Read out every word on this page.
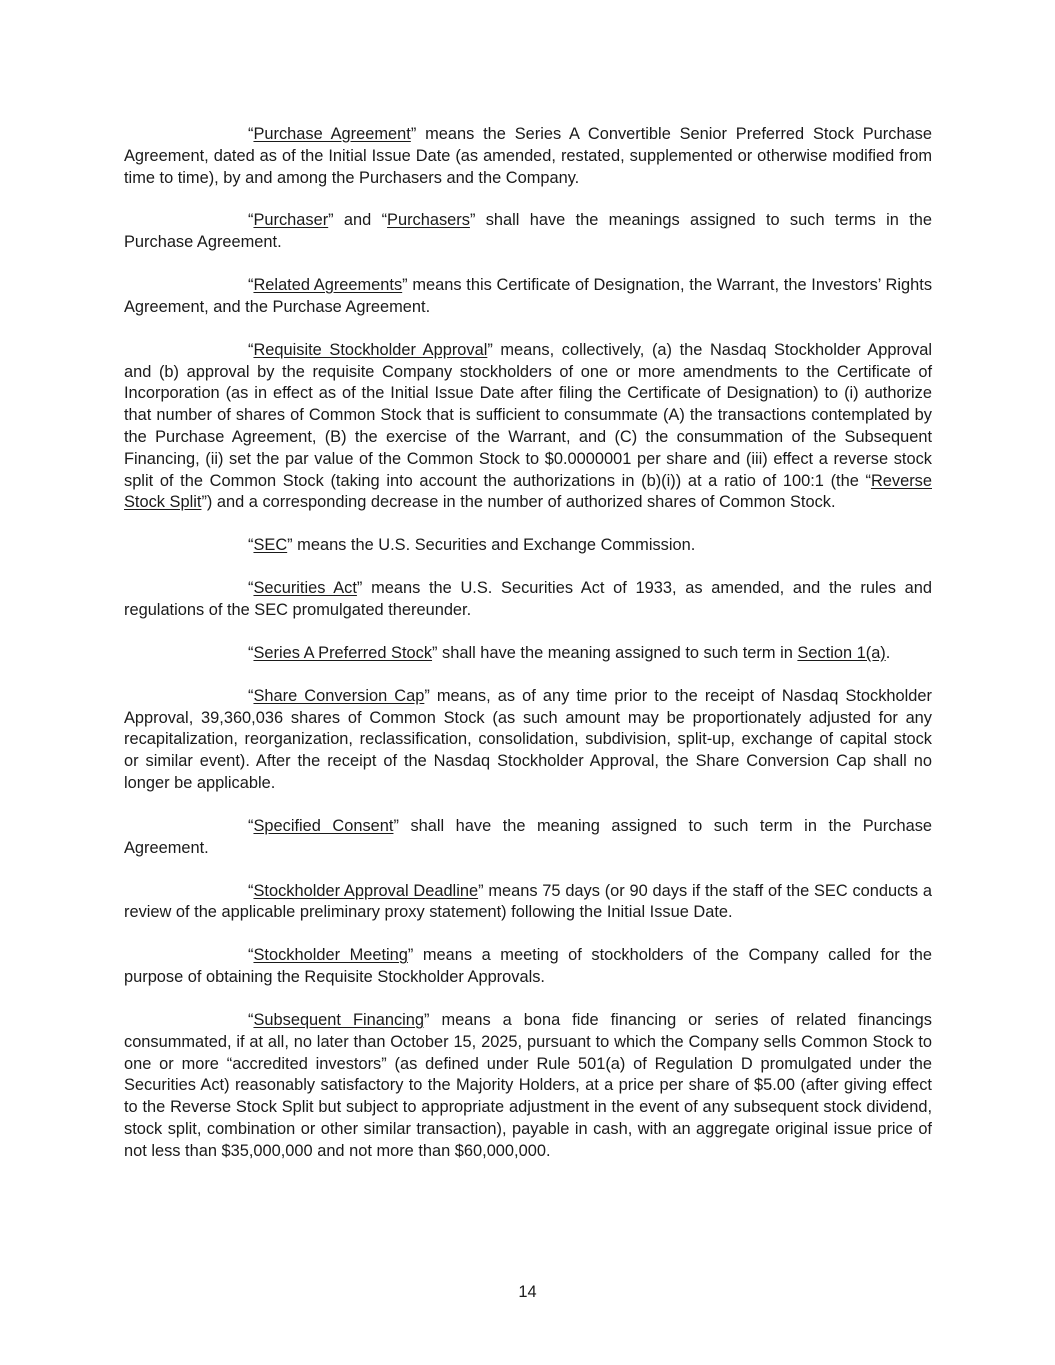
“Purchase Agreement” means the Series A Convertible Senior Preferred Stock Purchase Agreement, dated as of the Initial Issue Date (as amended, restated, supplemented or otherwise modified from time to time), by and among the Purchasers and the Company.

“Purchaser” and “Purchasers” shall have the meanings assigned to such terms in the Purchase Agreement.

“Related Agreements” means this Certificate of Designation, the Warrant, the Investors’ Rights Agreement, and the Purchase Agreement.

“Requisite Stockholder Approval” means, collectively, (a) the Nasdaq Stockholder Approval and (b) approval by the requisite Company stockholders of one or more amendments to the Certificate of Incorporation (as in effect as of the Initial Issue Date after filing the Certificate of Designation) to (i) authorize that number of shares of Common Stock that is sufficient to consummate (A) the transactions contemplated by the Purchase Agreement, (B) the exercise of the Warrant, and (C) the consummation of the Subsequent Financing, (ii) set the par value of the Common Stock to $0.0000001 per share and (iii) effect a reverse stock split of the Common Stock (taking into account the authorizations in (b)(i)) at a ratio of 100:1 (the “Reverse Stock Split”) and a corresponding decrease in the number of authorized shares of Common Stock.

“SEC” means the U.S. Securities and Exchange Commission.

“Securities Act” means the U.S. Securities Act of 1933, as amended, and the rules and regulations of the SEC promulgated thereunder.

“Series A Preferred Stock” shall have the meaning assigned to such term in Section 1(a).

“Share Conversion Cap” means, as of any time prior to the receipt of Nasdaq Stockholder Approval, 39,360,036 shares of Common Stock (as such amount may be proportionately adjusted for any recapitalization, reorganization, reclassification, consolidation, subdivision, split-up, exchange of capital stock or similar event). After the receipt of the Nasdaq Stockholder Approval, the Share Conversion Cap shall no longer be applicable.

“Specified Consent” shall have the meaning assigned to such term in the Purchase Agreement.

“Stockholder Approval Deadline” means 75 days (or 90 days if the staff of the SEC conducts a review of the applicable preliminary proxy statement) following the Initial Issue Date.

“Stockholder Meeting” means a meeting of stockholders of the Company called for the purpose of obtaining the Requisite Stockholder Approvals.

“Subsequent Financing” means a bona fide financing or series of related financings consummated, if at all, no later than October 15, 2025, pursuant to which the Company sells Common Stock to one or more “accredited investors” (as defined under Rule 501(a) of Regulation D promulgated under the Securities Act) reasonably satisfactory to the Majority Holders, at a price per share of $5.00 (after giving effect to the Reverse Stock Split but subject to appropriate adjustment in the event of any subsequent stock dividend, stock split, combination or other similar transaction), payable in cash, with an aggregate original issue price of not less than $35,000,000 and not more than $60,000,000.

14
